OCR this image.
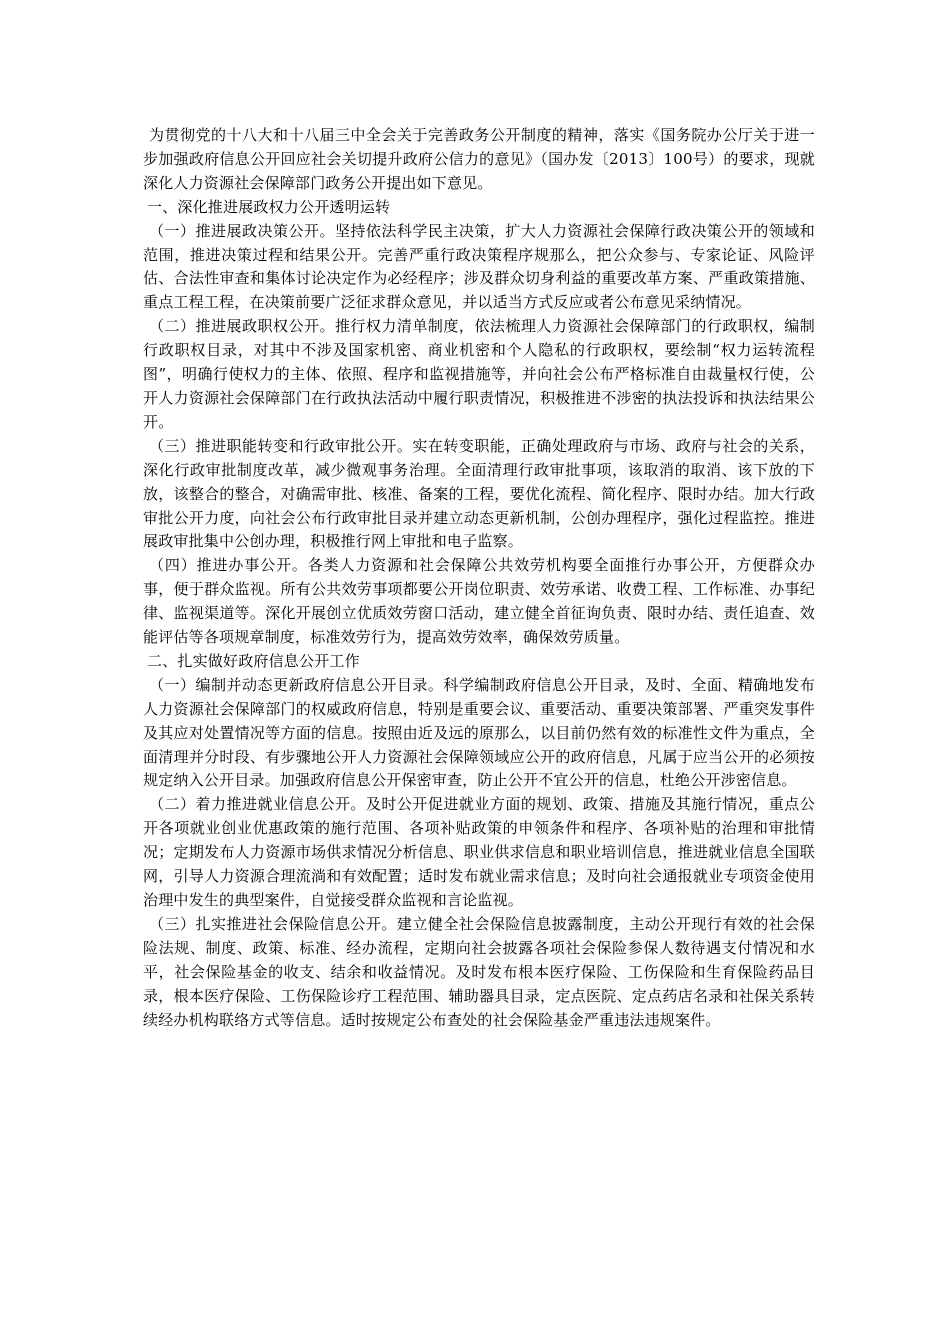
为贯彻党的十八大和十八届三中全会关于完善政务公开制度的精神，落实《国务院办公厅关于进一步加强政府信息公开回应社会关切提升政府公信力的意见》（国办发〔2013〕100号）的要求，现就深化人力资源社会保障部门政务公开提出如下意见。

一、深化推进展政权力公开透明运转

（一）推进展政决策公开。坚持依法科学民主决策，扩大人力资源社会保障行政决策公开的领域和范围，推进决策过程和结果公开。完善严重行政决策程序规那么，把公众参与、专家论证、风险评估、合法性审查和集体讨论决定作为必经程序；涉及群众切身利益的重要改革方案、严重政策措施、重点工程工程，在决策前要广泛征求群众意见，并以适当方式反应或者公布意见采纳情况。

（二）推进展政职权公开。推行权力清单制度，依法梳理人力资源社会保障部门的行政职权，编制行政职权目录，对其中不涉及国家机密、商业机密和个人隐私的行政职权，要绘制“权力运转流程图”，明确行使权力的主体、依照、程序和监视措施等，并向社会公布严格标准自由裁量权行使，公开人力资源社会保障部门在行政执法活动中履行职责情况，积极推进不涉密的执法投诉和执法结果公开。

（三）推进职能转变和行政审批公开。实在转变职能，正确处理政府与市场、政府与社会的关系，深化行政审批制度改革，减少微观事务治理。全面清理行政审批事项，该取消的取消、该下放的下放，该整合的整合，对确需审批、核准、备案的工程，要优化流程、简化程序、限时办结。加大行政审批公开力度，向社会公布行政审批目录并建立动态更新机制，公创办理程序，强化过程监控。推进展政审批集中公创办理，积极推行网上审批和电子监察。

（四）推进办事公开。各类人力资源和社会保障公共效劳机构要全面推行办事公开，方便群众办事，便于群众监视。所有公共效劳事项都要公开岗位职责、效劳承诺、收费工程、工作标准、办事纪律、监视渠道等。深化开展创立优质效劳窗口活动，建立健全首征询负责、限时办结、责任追查、效能评估等各项规章制度，标准效劳行为，提高效劳效率，确保效劳质量。

二、扎实做好政府信息公开工作

（一）编制并动态更新政府信息公开目录。科学编制政府信息公开目录，及时、全面、精确地发布人力资源社会保障部门的权威政府信息，特别是重要会议、重要活动、重要决策部署、严重突发事件及其应对处置情况等方面的信息。按照由近及远的原那么，以目前仍然有效的标准性文件为重点，全面清理并分时段、有步骤地公开人力资源社会保障领域应公开的政府信息，凡属于应当公开的必须按规定纳入公开目录。加强政府信息公开保密审查，防止公开不宜公开的信息，杜绝公开涉密信息。

（二）着力推进就业信息公开。及时公开促进就业方面的规划、政策、措施及其施行情况，重点公开各项就业创业优惠政策的施行范围、各项补贴政策的申领条件和程序、各项补贴的治理和审批情况；定期发布人力资源市场供求情况分析信息、职业供求信息和职业培训信息，推进就业信息全国联网，引导人力资源合理流淌和有效配置；适时发布就业需求信息；及时向社会通报就业专项资金使用治理中发生的典型案件，自觉接受群众监视和言论监视。

（三）扎实推进社会保险信息公开。建立健全社会保险信息披露制度，主动公开现行有效的社会保险法规、制度、政策、标准、经办流程，定期向社会披露各项社会保险参保人数待遇支付情况和水平，社会保险基金的收支、结余和收益情况。及时发布根本医疗保险、工伤保险和生育保险药品目录，根本医疗保险、工伤保险诊疗工程范围、辅助器具目录，定点医院、定点药店名录和社保关系转续经办机构联络方式等信息。适时按规定公布查处的社会保险基金严重违法违规案件。
